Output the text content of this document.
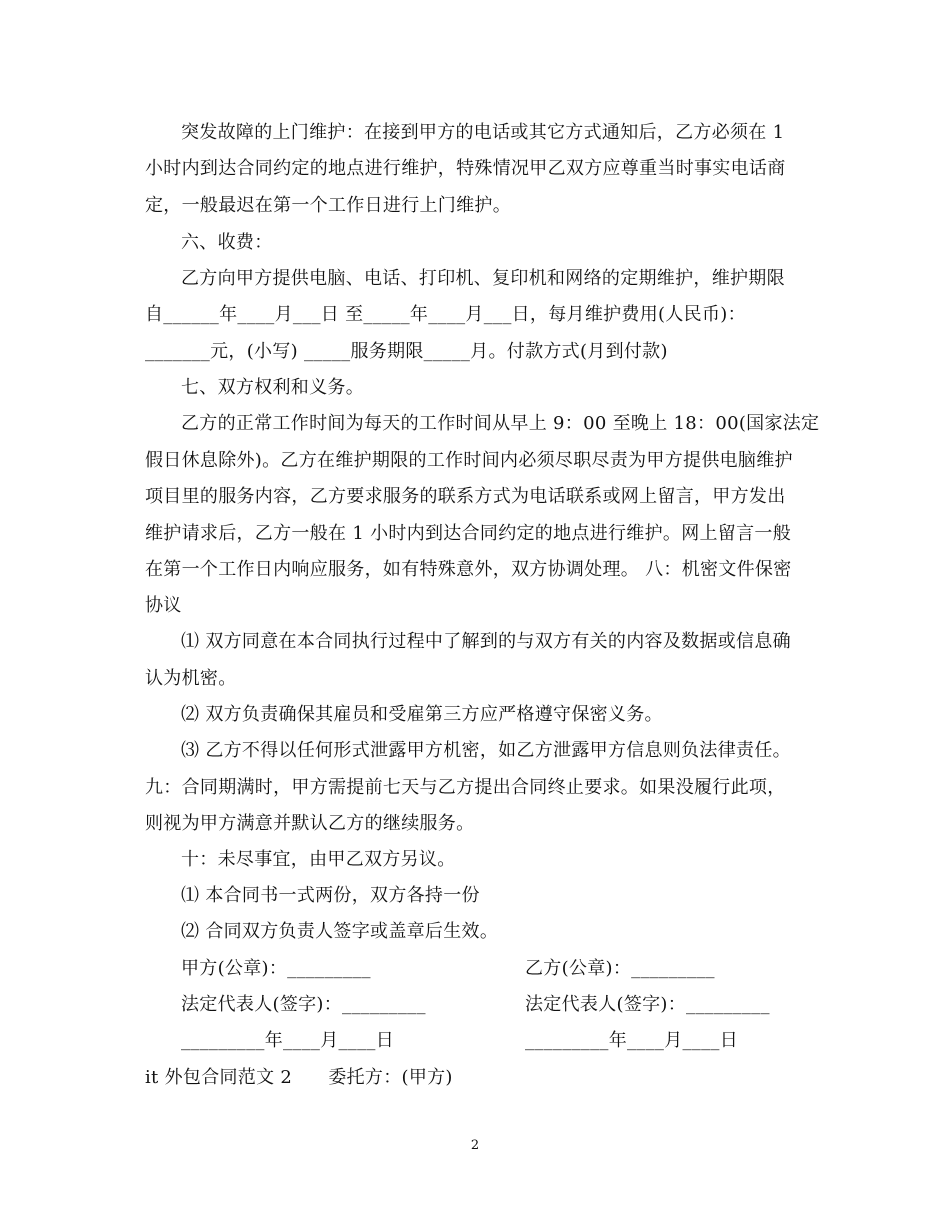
突发故障的上门维护：在接到甲方的电话或其它方式通知后，乙方必须在 1
小时内到达合同约定的地点进行维护，特殊情况甲乙双方应尊重当时事实电话商
定，一般最迟在第一个工作日进行上门维护。
六、收费：
乙方向甲方提供电脑、电话、打印机、复印机和网络的定期维护，维护期限
自______年____月___日 至_____年____月___日，每月维护费用(人民币)：
_______元，(小写) _____服务期限_____月。付款方式(月到付款)
七、双方权利和义务。
乙方的正常工作时间为每天的工作时间从早上 9：00 至晚上 18：00(国家法定
假日休息除外)。乙方在维护期限的工作时间内必须尽职尽责为甲方提供电脑维护
项目里的服务内容，乙方要求服务的联系方式为电话联系或网上留言，甲方发出
维护请求后，乙方一般在 1 小时内到达合同约定的地点进行维护。网上留言一般
在第一个工作日内响应服务，如有特殊意外，双方协调处理。 八：机密文件保密
协议
⑴ 双方同意在本合同执行过程中了解到的与双方有关的内容及数据或信息确
认为机密。
⑵ 双方负责确保其雇员和受雇第三方应严格遵守保密义务。
⑶ 乙方不得以任何形式泄露甲方机密，如乙方泄露甲方信息则负法律责任。
九：合同期满时，甲方需提前七天与乙方提出合同终止要求。如果没履行此项，
则视为甲方满意并默认乙方的继续服务。
十：未尽事宜，由甲乙双方另议。
⑴ 本合同书一式两份，双方各持一份
⑵ 合同双方负责人签字或盖章后生效。
甲方(公章)：_________	乙方(公章)：_________
法定代表人(签字)：_________	法定代表人(签字)：_________
_________年____月____日	_________年____月____日
it 外包合同范文 2      委托方：(甲方)
2
